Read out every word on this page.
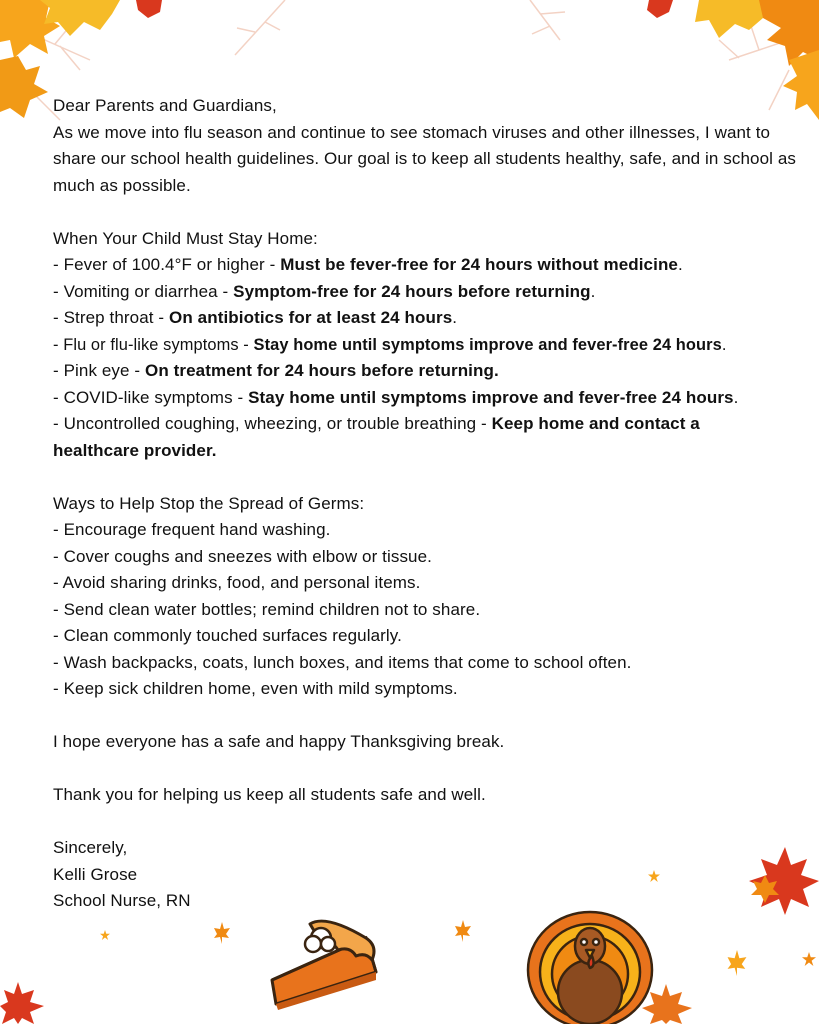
Dear Parents and Guardians,
As we move into flu season and continue to see stomach viruses and other illnesses, I want to share our school health guidelines. Our goal is to keep all students healthy, safe, and in school as much as possible.
When Your Child Must Stay Home:
- Fever of 100.4°F or higher - Must be fever-free for 24 hours without medicine.
- Vomiting or diarrhea - Symptom-free for 24 hours before returning.
- Strep throat - On antibiotics for at least 24 hours.
- Flu or flu-like symptoms - Stay home until symptoms improve and fever-free 24 hours.
- Pink eye - On treatment for 24 hours before returning.
- COVID-like symptoms - Stay home until symptoms improve and fever-free 24 hours.
- Uncontrolled coughing, wheezing, or trouble breathing - Keep home and contact a healthcare provider.
Ways to Help Stop the Spread of Germs:
- Encourage frequent hand washing.
- Cover coughs and sneezes with elbow or tissue.
- Avoid sharing drinks, food, and personal items.
- Send clean water bottles; remind children not to share.
- Clean commonly touched surfaces regularly.
- Wash backpacks, coats, lunch boxes, and items that come to school often.
- Keep sick children home, even with mild symptoms.
I hope everyone has a safe and happy Thanksgiving break.
Thank you for helping us keep all students safe and well.
Sincerely,
Kelli Grose
School Nurse, RN
